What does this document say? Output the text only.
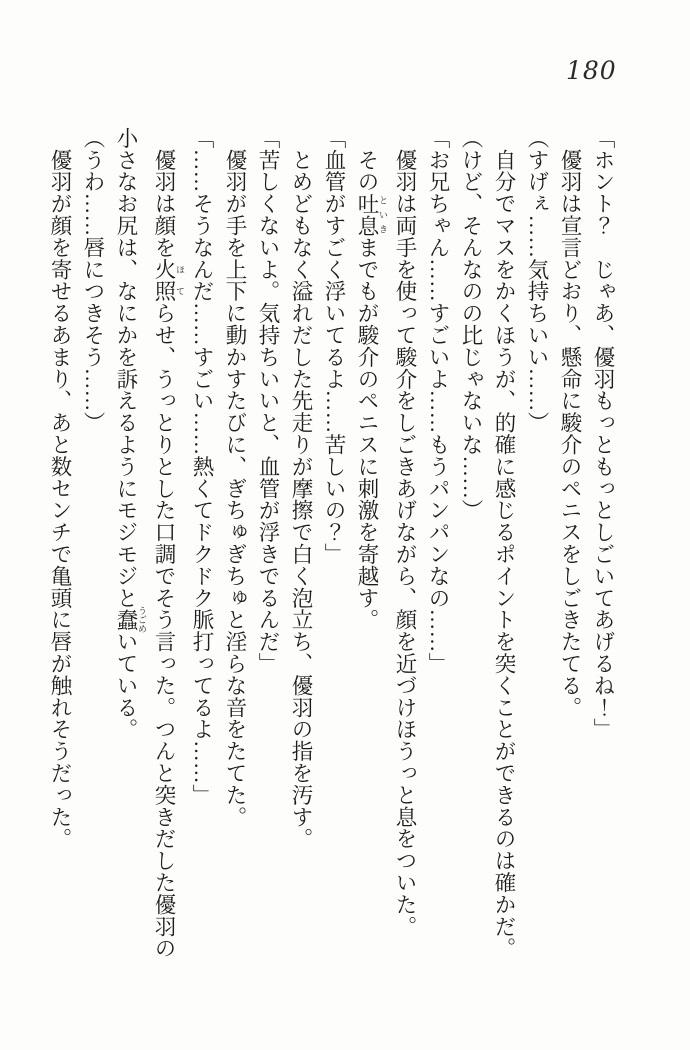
180

「ホント？　じゃあ、優羽もっともっとしごいてあげるね！」

　優羽は宣言どおり、懸命に駿介のペニスをしごきたてる。

（すげぇ……気持ちいい……）

　自分でマスをかくほうが、的確に感じるポイントを突くことができるのは確かだ。

（けど、そんなのの比じゃないな……）

「お兄ちゃん……すごいよ……もうパンパンなの……」

　優羽は両手を使って駿介をしごきあげながら、顔を近づけほうっと息をついた。

　その吐息 といきまでもが駿介のペニスに刺激を寄越す。

「血管がすごく浮いてるよ……苦しいの？」

　とめどもなく溢れだした先走りが摩擦で白く泡立ち、優羽の指を汚す。

「苦しくないよ。気持ちいいと、血管が浮きでるんだ」

　優羽が手を上下に動かすたびに、ぎちゅぎちゅと淫らな音をたてた。

「……そうなんだ……すごい……熱くてドクドク脈打ってるよ……」

　優羽は顔を火照 ほてらせ、うっとりとした口調でそう言った。つんと突きだした優羽の

小さなお尻は、なにかを訴えるようにモジモジと蠢 うごめいている。

（うわ……唇につきそう……）

　優羽が顔を寄せるあまり、あと数センチで亀頭に唇が触れそうだった。
